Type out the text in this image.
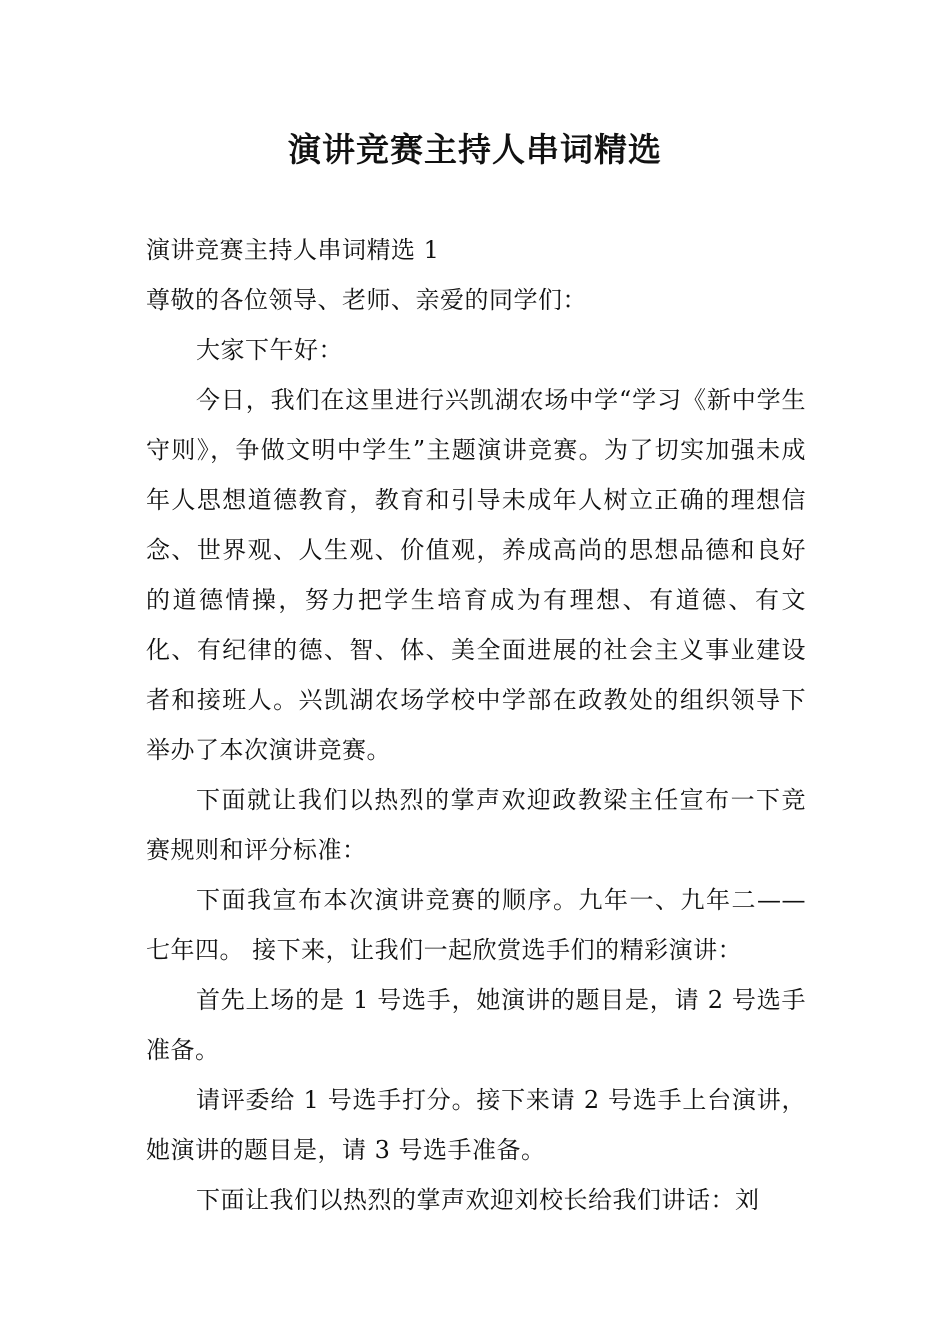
演讲竞赛主持人串词精选

演讲竞赛主持人串词精选 1

尊敬的各位领导、老师、亲爱的同学们：

大家下午好：

今日，我们在这里进行兴凯湖农场中学“学习《新中学生守则》，争做文明中学生”主题演讲竞赛。为了切实加强未成年人思想道德教育，教育和引导未成年人树立正确的理想信念、世界观、人生观、价值观，养成高尚的思想品德和良好的道德情操，努力把学生培育成为有理想、有道德、有文化、有纪律的德、智、体、美全面进展的社会主义事业建设者和接班人。兴凯湖农场学校中学部在政教处的组织领导下举办了本次演讲竞赛。

下面就让我们以热烈的掌声欢迎政教梁主任宣布一下竞赛规则和评分标准：

下面我宣布本次演讲竞赛的顺序。九年一、九年二——七年四。 接下来，让我们一起欣赏选手们的精彩演讲：

首先上场的是 1 号选手，她演讲的题目是，请 2 号选手准备。

请评委给 1 号选手打分。接下来请 2 号选手上台演讲，她演讲的题目是，请 3 号选手准备。

下面让我们以热烈的掌声欢迎刘校长给我们讲话：刘
